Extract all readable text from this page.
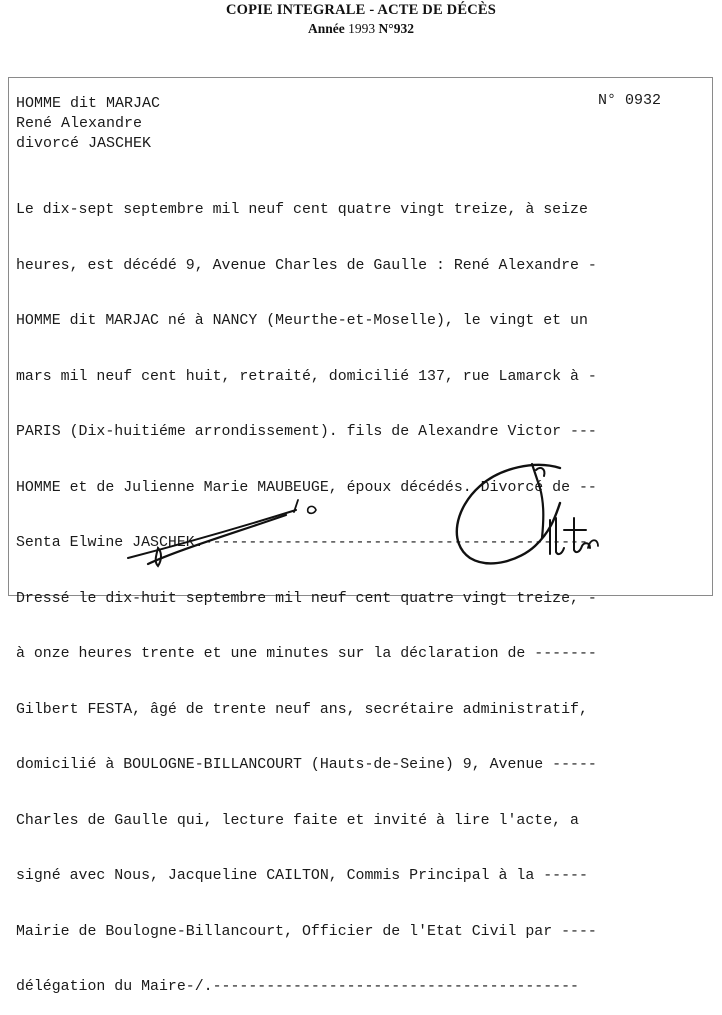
COPIE INTEGRALE - ACTE DE DÉCÈS
Année 1993 N°932
HOMME dit MARJAC
René Alexandre
divorcé JASCHEK
N° 0932

Le dix-sept septembre mil neuf cent quatre vingt treize, à seize

heures, est décédé 9, Avenue Charles de Gaulle : René Alexandre -

HOMME dit MARJAC né à NANCY (Meurthe-et-Moselle), le vingt et un

mars mil neuf cent huit, retraité, domicilié 137, rue Lamarck à -

PARIS (Dix-huitiéme arrondissement). fils de Alexandre Victor ---

HOMME et de Julienne Marie MAUBEUGE, époux décédés. Divorcé de --

Senta Elwine JASCHEK.-------------------------------------------

Dressé le dix-huit septembre mil neuf cent quatre vingt treize, -

à onze heures trente et une minutes sur la déclaration de -------

Gilbert FESTA, âgé de trente neuf ans, secrétaire administratif,

domicilié à BOULOGNE-BILLANCOURT (Hauts-de-Seine) 9, Avenue -----

Charles de Gaulle qui, lecture faite et invité à lire l'acte, a

signé avec Nous, Jacqueline CAILTON, Commis Principal à la -----

Mairie de Boulogne-Billancourt, Officier de l'Etat Civil par ----

délégation du Maire-/.-----------------------------------------
